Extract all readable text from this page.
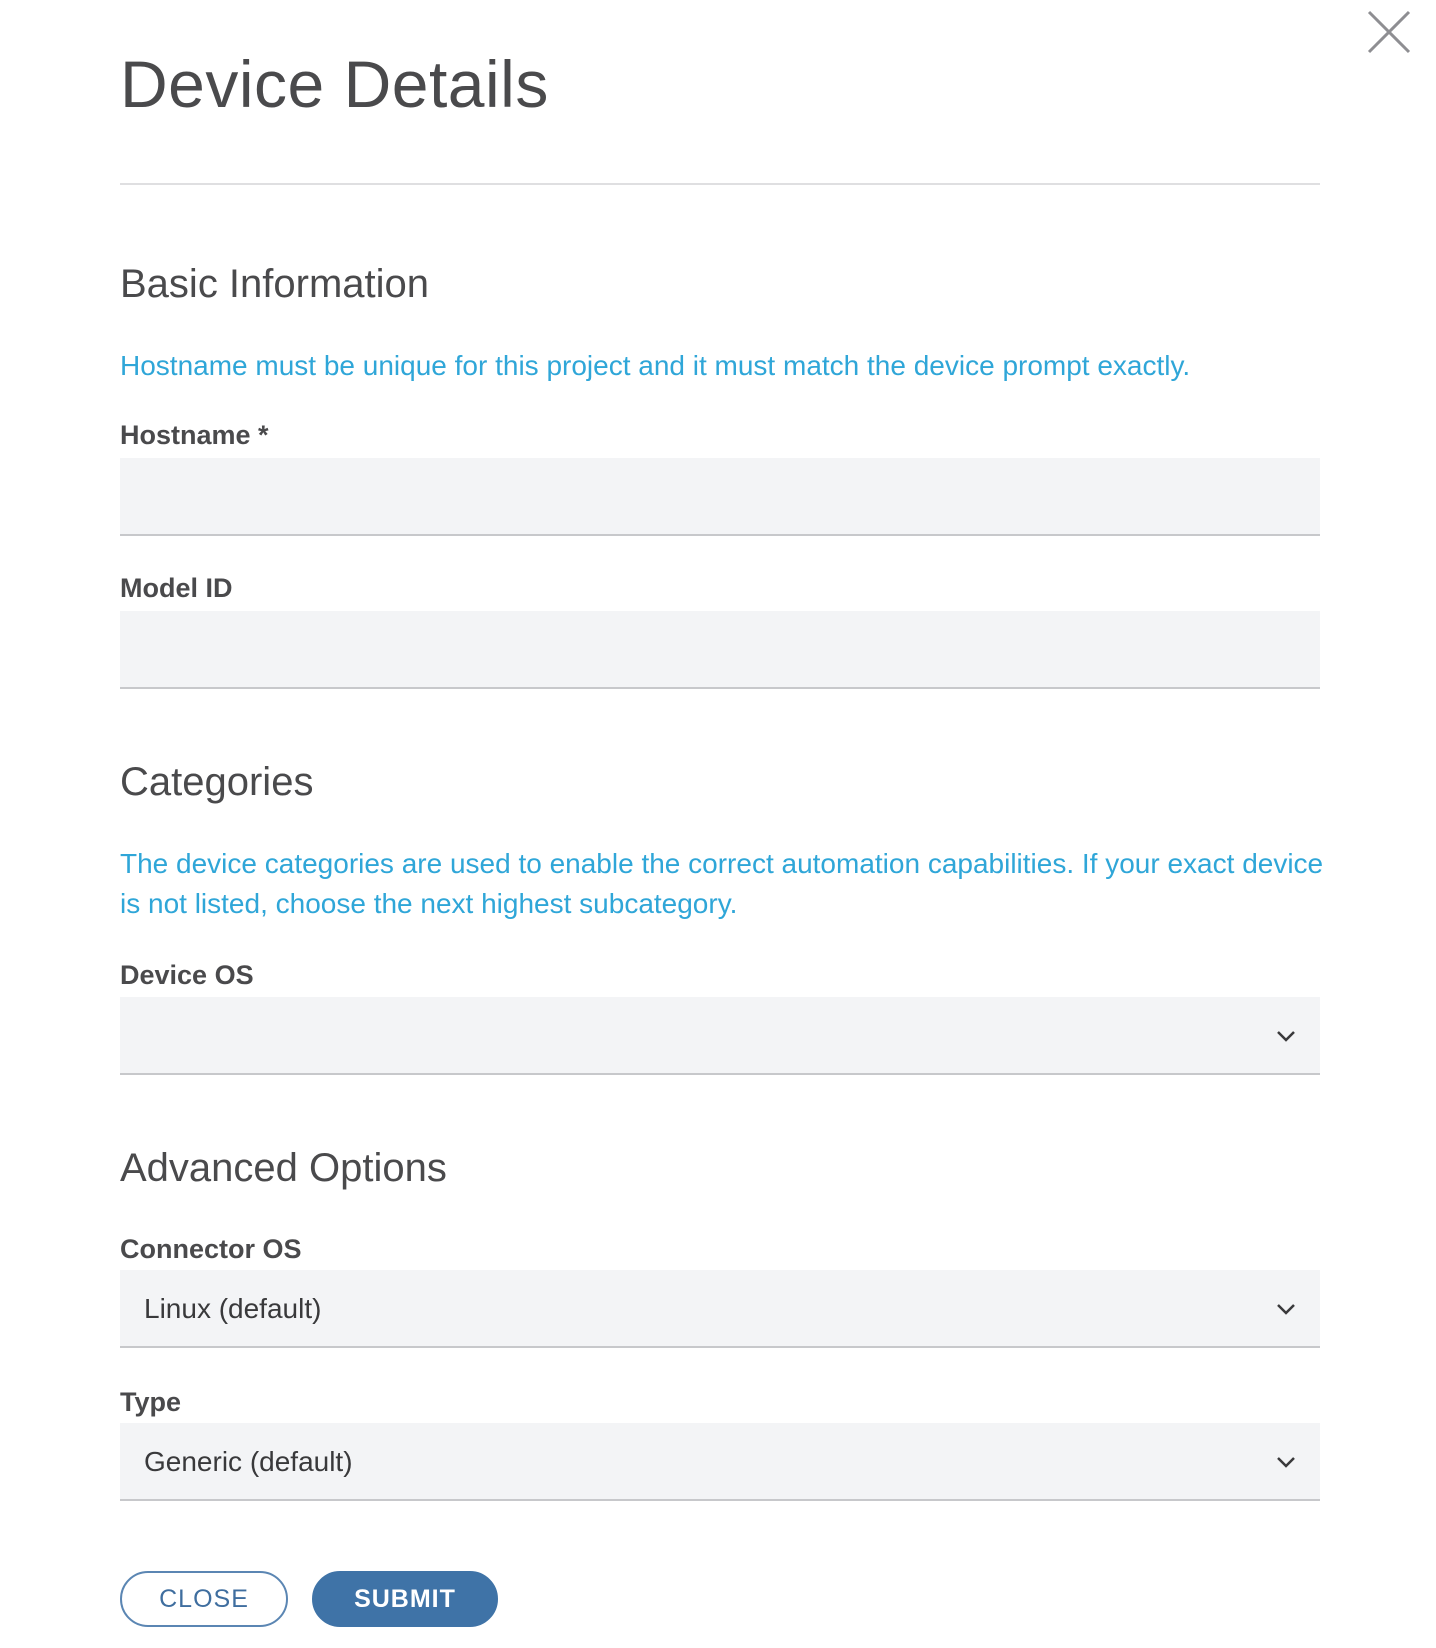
Device Details
Basic Information

Hostname must be unique for this project and it must match the device prompt exactly.

Hostname *
Model ID
Categories

The device categories are used to enable the correct automation capabilities. If your exact device is not listed, choose the next highest subcategory.

Device OS
Advanced Options
Connector OS
Linux (default)
Type
Generic (default)
CLOSE	SUBMIT
